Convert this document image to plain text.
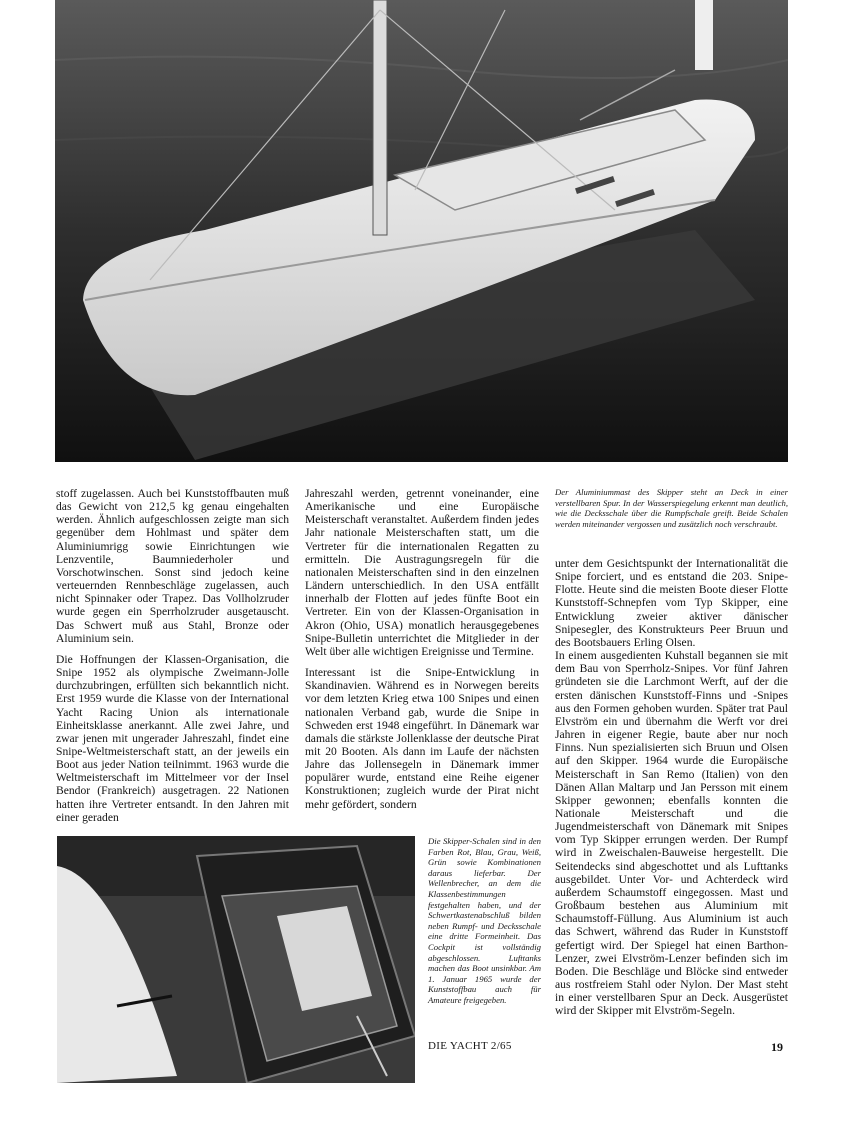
Der Aluminiummast des Skipper steht an Deck in einer verstellbaren Spur. In der Wasserspiegelung erkennt man deutlich, wie die Decksschale über die Rumpfschale greift. Beide Schalen werden miteinander vergossen und zusätzlich noch verschraubt.

stoff zugelassen. Auch bei Kunststoffbauten muß das Gewicht von 212,5 kg genau eingehalten werden. Ähnlich aufgeschlossen zeigte man sich gegenüber dem Hohlmast und später dem Aluminiumrigg sowie Einrichtungen wie Lenzventile, Baumniederholer und Vorschotwinschen. Sonst sind jedoch keine verteuernden Rennbeschläge zugelassen, auch nicht Spinnaker oder Trapez. Das Vollholzruder wurde gegen ein Sperrholzruder ausgetauscht. Das Schwert muß aus Stahl, Bronze oder Aluminium sein.

Die Hoffnungen der Klassen-Organisation, die Snipe 1952 als olympische Zweimann-Jolle durchzubringen, erfüllten sich bekanntlich nicht. Erst 1959 wurde die Klasse von der International Yacht Racing Union als internationale Einheitsklasse anerkannt. Alle zwei Jahre, und zwar jenen mit ungerader Jahreszahl, findet eine Snipe-Weltmeisterschaft statt, an der jeweils ein Boot aus jeder Nation teilnimmt. 1963 wurde die Weltmeisterschaft im Mittelmeer vor der Insel Bendor (Frankreich) ausgetragen. 22 Nationen hatten ihre Vertreter entsandt. In den Jahren mit einer geraden

Jahreszahl werden, getrennt voneinander, eine Amerikanische und eine Europäische Meisterschaft veranstaltet. Außerdem finden jedes Jahr nationale Meisterschaften statt, um die Vertreter für die internationalen Regatten zu ermitteln. Die Austragungsregeln für die nationalen Meisterschaften sind in den einzelnen Ländern unterschiedlich. In den USA entfällt innerhalb der Flotten auf jedes fünfte Boot ein Vertreter. Ein von der Klassen-Organisation in Akron (Ohio, USA) monatlich herausgegebenes Snipe-Bulletin unterrichtet die Mitglieder in der Welt über alle wichtigen Ereignisse und Termine.

Interessant ist die Snipe-Entwicklung in Skandinavien. Während es in Norwegen bereits vor dem letzten Krieg etwa 100 Snipes und einen nationalen Verband gab, wurde die Snipe in Schweden erst 1948 eingeführt. In Dänemark war damals die stärkste Jollenklasse der deutsche Pirat mit 20 Booten. Als dann im Laufe der nächsten Jahre das Jollensegeln in Dänemark immer populärer wurde, entstand eine Reihe eigener Konstruktionen; zugleich wurde der Pirat nicht mehr gefördert, sondern

unter dem Gesichtspunkt der Internationalität die Snipe forciert, und es entstand die 203. Snipe-Flotte. Heute sind die meisten Boote dieser Flotte Kunststoff-Schnepfen vom Typ Skipper, eine Entwicklung zweier aktiver dänischer Snipesegler, des Konstrukteurs Peer Bruun und des Bootsbauers Erling Olsen.

In einem ausgedienten Kuhstall begannen sie mit dem Bau von Sperrholz-Snipes. Vor fünf Jahren gründeten sie die Larchmont Werft, auf der die ersten dänischen Kunststoff-Finns und -Snipes aus den Formen gehoben wurden. Später trat Paul Elvström ein und übernahm die Werft vor drei Jahren in eigener Regie, baute aber nur noch Finns. Nun spezialisierten sich Bruun und Olsen auf den Skipper. 1964 wurde die Europäische Meisterschaft in San Remo (Italien) von den Dänen Allan Maltarp und Jan Persson mit einem Skipper gewonnen; ebenfalls konnten die Nationale Meisterschaft und die Jugendmeisterschaft von Dänemark mit Snipes vom Typ Skipper errungen werden. Der Rumpf wird in Zweischalen-Bauweise hergestellt. Die Seitendecks sind abgeschottet und als Lufttanks ausgebildet. Unter Vor- und Achterdeck wird außerdem Schaumstoff eingegossen. Mast und Großbaum bestehen aus Aluminium mit Schaumstoff-Füllung. Aus Aluminium ist auch das Schwert, während das Ruder in Kunststoff gefertigt wird. Der Spiegel hat einen Barthon-Lenzer, zwei Elvström-Lenzer befinden sich im Boden. Die Beschläge und Blöcke sind entweder aus rostfreiem Stahl oder Nylon. Der Mast steht in einer verstellbaren Spur an Deck. Ausgerüstet wird der Skipper mit Elvström-Segeln.

Die Skipper-Schalen sind in den Farben Rot, Blau, Grau, Weiß, Grün sowie Kombinationen daraus lieferbar. Der Wellenbrecher, an dem die Klassenbestimmungen festgehalten haben, und der Schwertkastenabschluß bilden neben Rumpf- und Decksschale eine dritte Formeinheit. Das Cockpit ist vollständig abgeschlossen. Lufttanks machen das Boot unsinkbar. Am 1. Januar 1965 wurde der Kunststoffbau auch für Amateure freigegeben.
DIE YACHT 2/65	19
